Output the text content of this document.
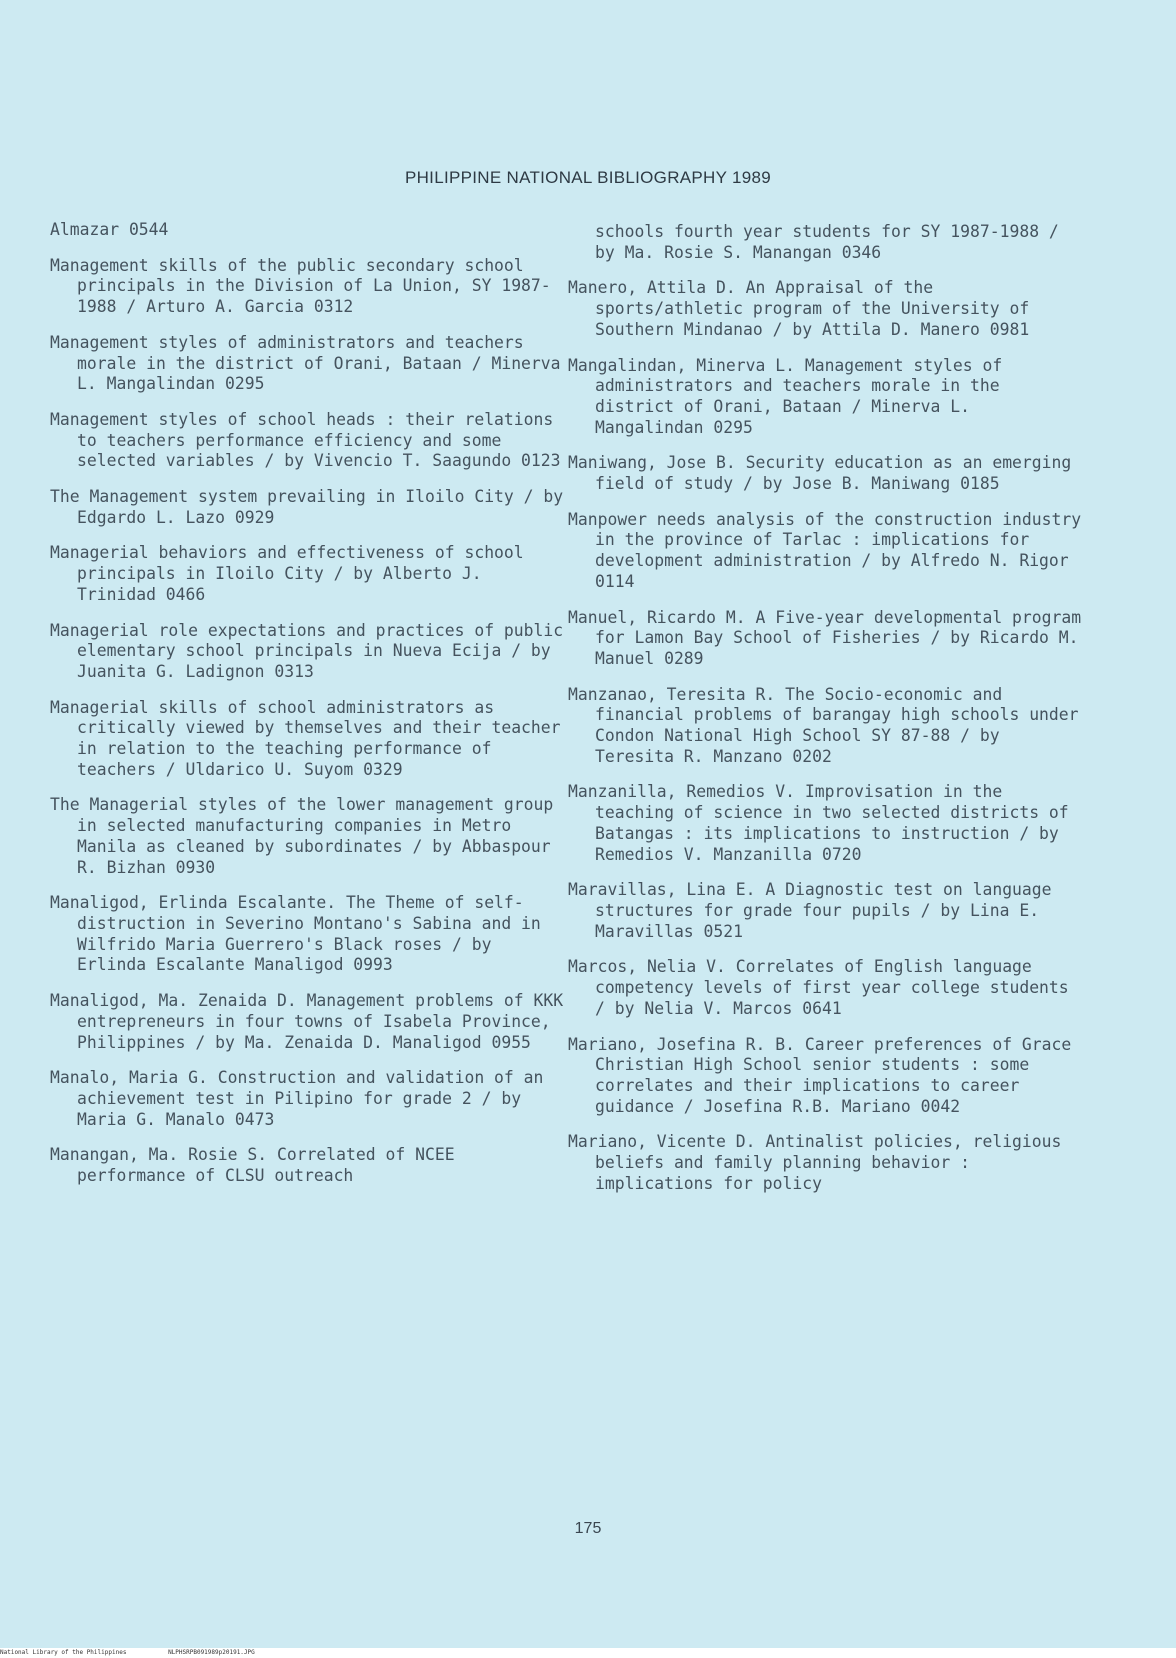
PHILIPPINE NATIONAL BIBLIOGRAPHY 1989
Almazar 0544
Management skills of the public secondary school principals in the Division of La Union, SY 1987-1988 / Arturo A. Garcia 0312
Management styles of administrators and teachers morale in the district of Orani, Bataan / Minerva L. Mangalindan 0295
Management styles of school heads : their relations to teachers performance efficiency and some selected variables / by Vivencio T. Saagundo 0123
The Management system prevailing in Iloilo City / by Edgardo L. Lazo 0929
Managerial behaviors and effectiveness of school principals in Iloilo City / by Alberto J. Trinidad 0466
Managerial role expectations and practices of public elementary school principals in Nueva Ecija / by Juanita G. Ladignon 0313
Managerial skills of school administrators as critically viewed by themselves and their teacher in relation to the teaching performance of teachers / Uldarico U. Suyom 0329
The Managerial styles of the lower management group in selected manufacturing companies in Metro Manila as cleaned by subordinates / by Abbaspour R. Bizhan 0930
Manaligod, Erlinda Escalante. The Theme of self-distruction in Severino Montano's Sabina and in Wilfrido Maria Guerrero's Black roses / by Erlinda Escalante Manaligod 0993
Manaligod, Ma. Zenaida D. Management problems of KKK entrepreneurs in four towns of Isabela Province, Philippines / by Ma. Zenaida D. Manaligod 0955
Manalo, Maria G. Construction and validation of an achievement test in Pilipino for grade 2 / by Maria G. Manalo 0473
Manangan, Ma. Rosie S. Correlated of NCEE performance of CLSU outreach
schools fourth year students for SY 1987-1988 / by Ma. Rosie S. Manangan 0346
Manero, Attila D. An Appraisal of the sports/athletic program of the University of Southern Mindanao / by Attila D. Manero 0981
Mangalindan, Minerva L. Management styles of administrators and teachers morale in the district of Orani, Bataan / Minerva L. Mangalindan 0295
Maniwang, Jose B. Security education as an emerging field of study / by Jose B. Maniwang 0185
Manpower needs analysis of the construction industry in the province of Tarlac : implications for development administration / by Alfredo N. Rigor 0114
Manuel, Ricardo M. A Five-year developmental program for Lamon Bay School of Fisheries / by Ricardo M. Manuel 0289
Manzanao, Teresita R. The Socio-economic and financial problems of barangay high schools under Condon National High School SY 87-88 / by Teresita R. Manzano 0202
Manzanilla, Remedios V. Improvisation in the teaching of science in two selected districts of Batangas : its implications to instruction / by Remedios V. Manzanilla 0720
Maravillas, Lina E. A Diagnostic test on language structures for grade four pupils / by Lina E. Maravillas 0521
Marcos, Nelia V. Correlates of English language competency levels of first year college students / by Nelia V. Marcos 0641
Mariano, Josefina R. B. Career preferences of Grace Christian High School senior students : some correlates and their implications to career guidance / Josefina R.B. Mariano 0042
Mariano, Vicente D. Antinalist policies, religious beliefs and family planning behavior : implications for policy
175
National Library of the Philippines	NLPHSRPB091989p20191.JPG
